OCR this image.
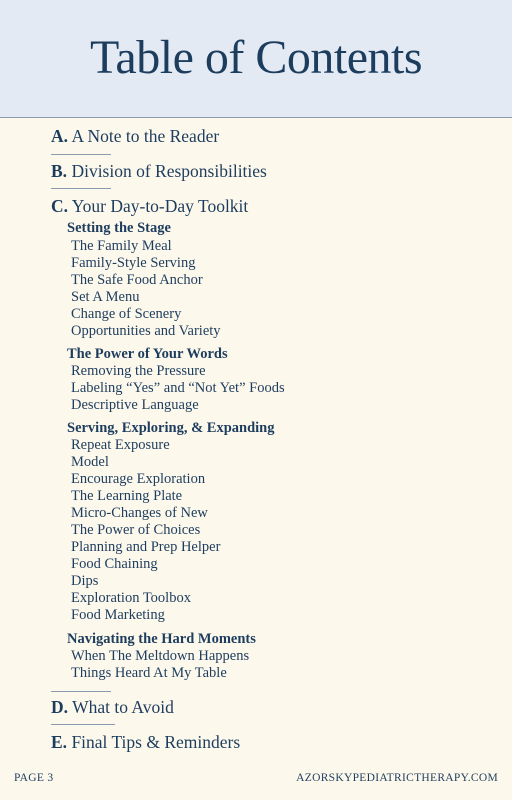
Table of Contents
A. A Note to the Reader
B. Division of Responsibilities
C. Your Day-to-Day Toolkit
Setting the Stage
The Family Meal
Family-Style Serving
The Safe Food Anchor
Set A Menu
Change of Scenery
Opportunities and Variety
The Power of Your Words
Removing the Pressure
Labeling “Yes” and “Not Yet” Foods
Descriptive Language
Serving, Exploring, & Expanding
Repeat Exposure
Model
Encourage Exploration
The Learning Plate
Micro-Changes of New
The Power of Choices
Planning and Prep Helper
Food Chaining
Dips
Exploration Toolbox
Food Marketing
Navigating the Hard Moments
When The Meltdown Happens
Things Heard At My Table
D. What to Avoid
E. Final Tips & Reminders
PAGE 3	AZORSKYPEDIATRICTHERAPY.COM
